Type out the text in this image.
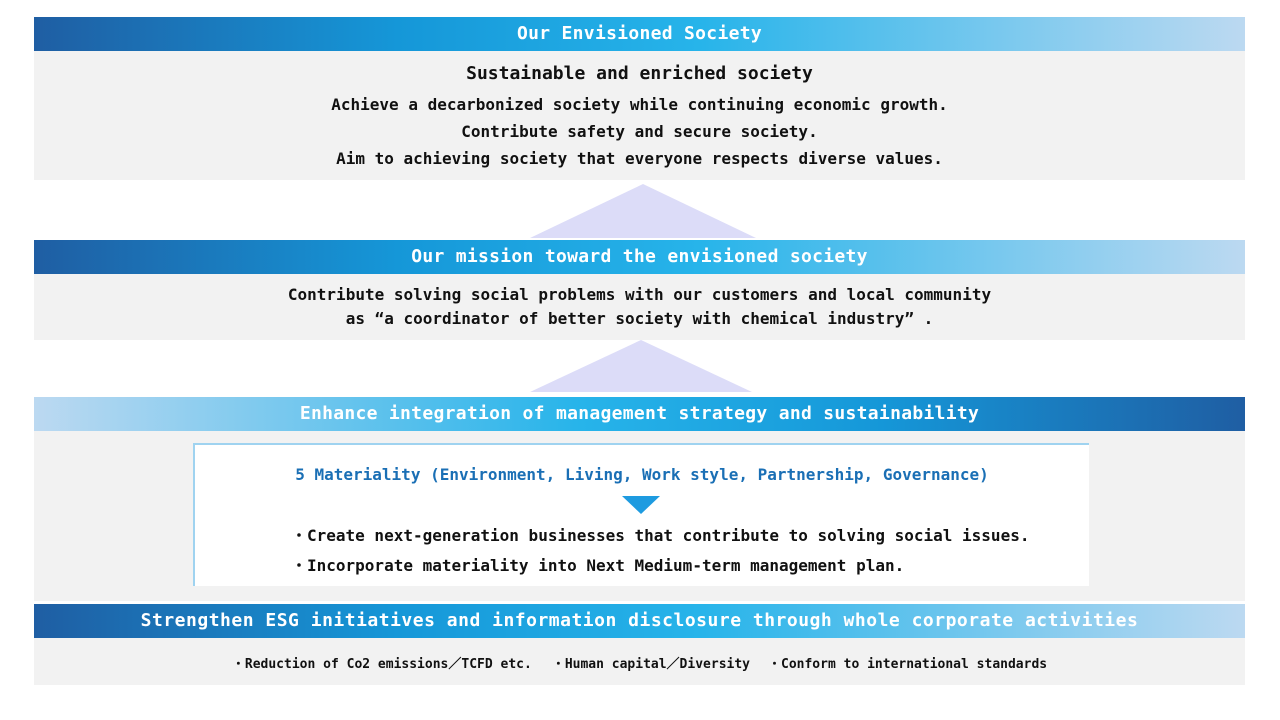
Our Envisioned Society
Sustainable and enriched society
Achieve a decarbonized society while continuing economic growth.
Contribute safety and secure society.
Aim to achieving society that everyone respects diverse values.
Our mission toward the envisioned society
Contribute solving social problems with our customers and local community
as “a coordinator of better society with chemical industry” .
Enhance integration of management strategy and sustainability
5 Materiality (Environment, Living, Work style, Partnership, Governance)
・Create next-generation businesses that contribute to solving social issues.
・Incorporate materiality into Next Medium-term management plan.
Strengthen ESG initiatives and information disclosure through whole corporate activities
・Reduction of Co2 emissions／TCFD etc. ・Human capital／Diversity ・Conform to international standards
